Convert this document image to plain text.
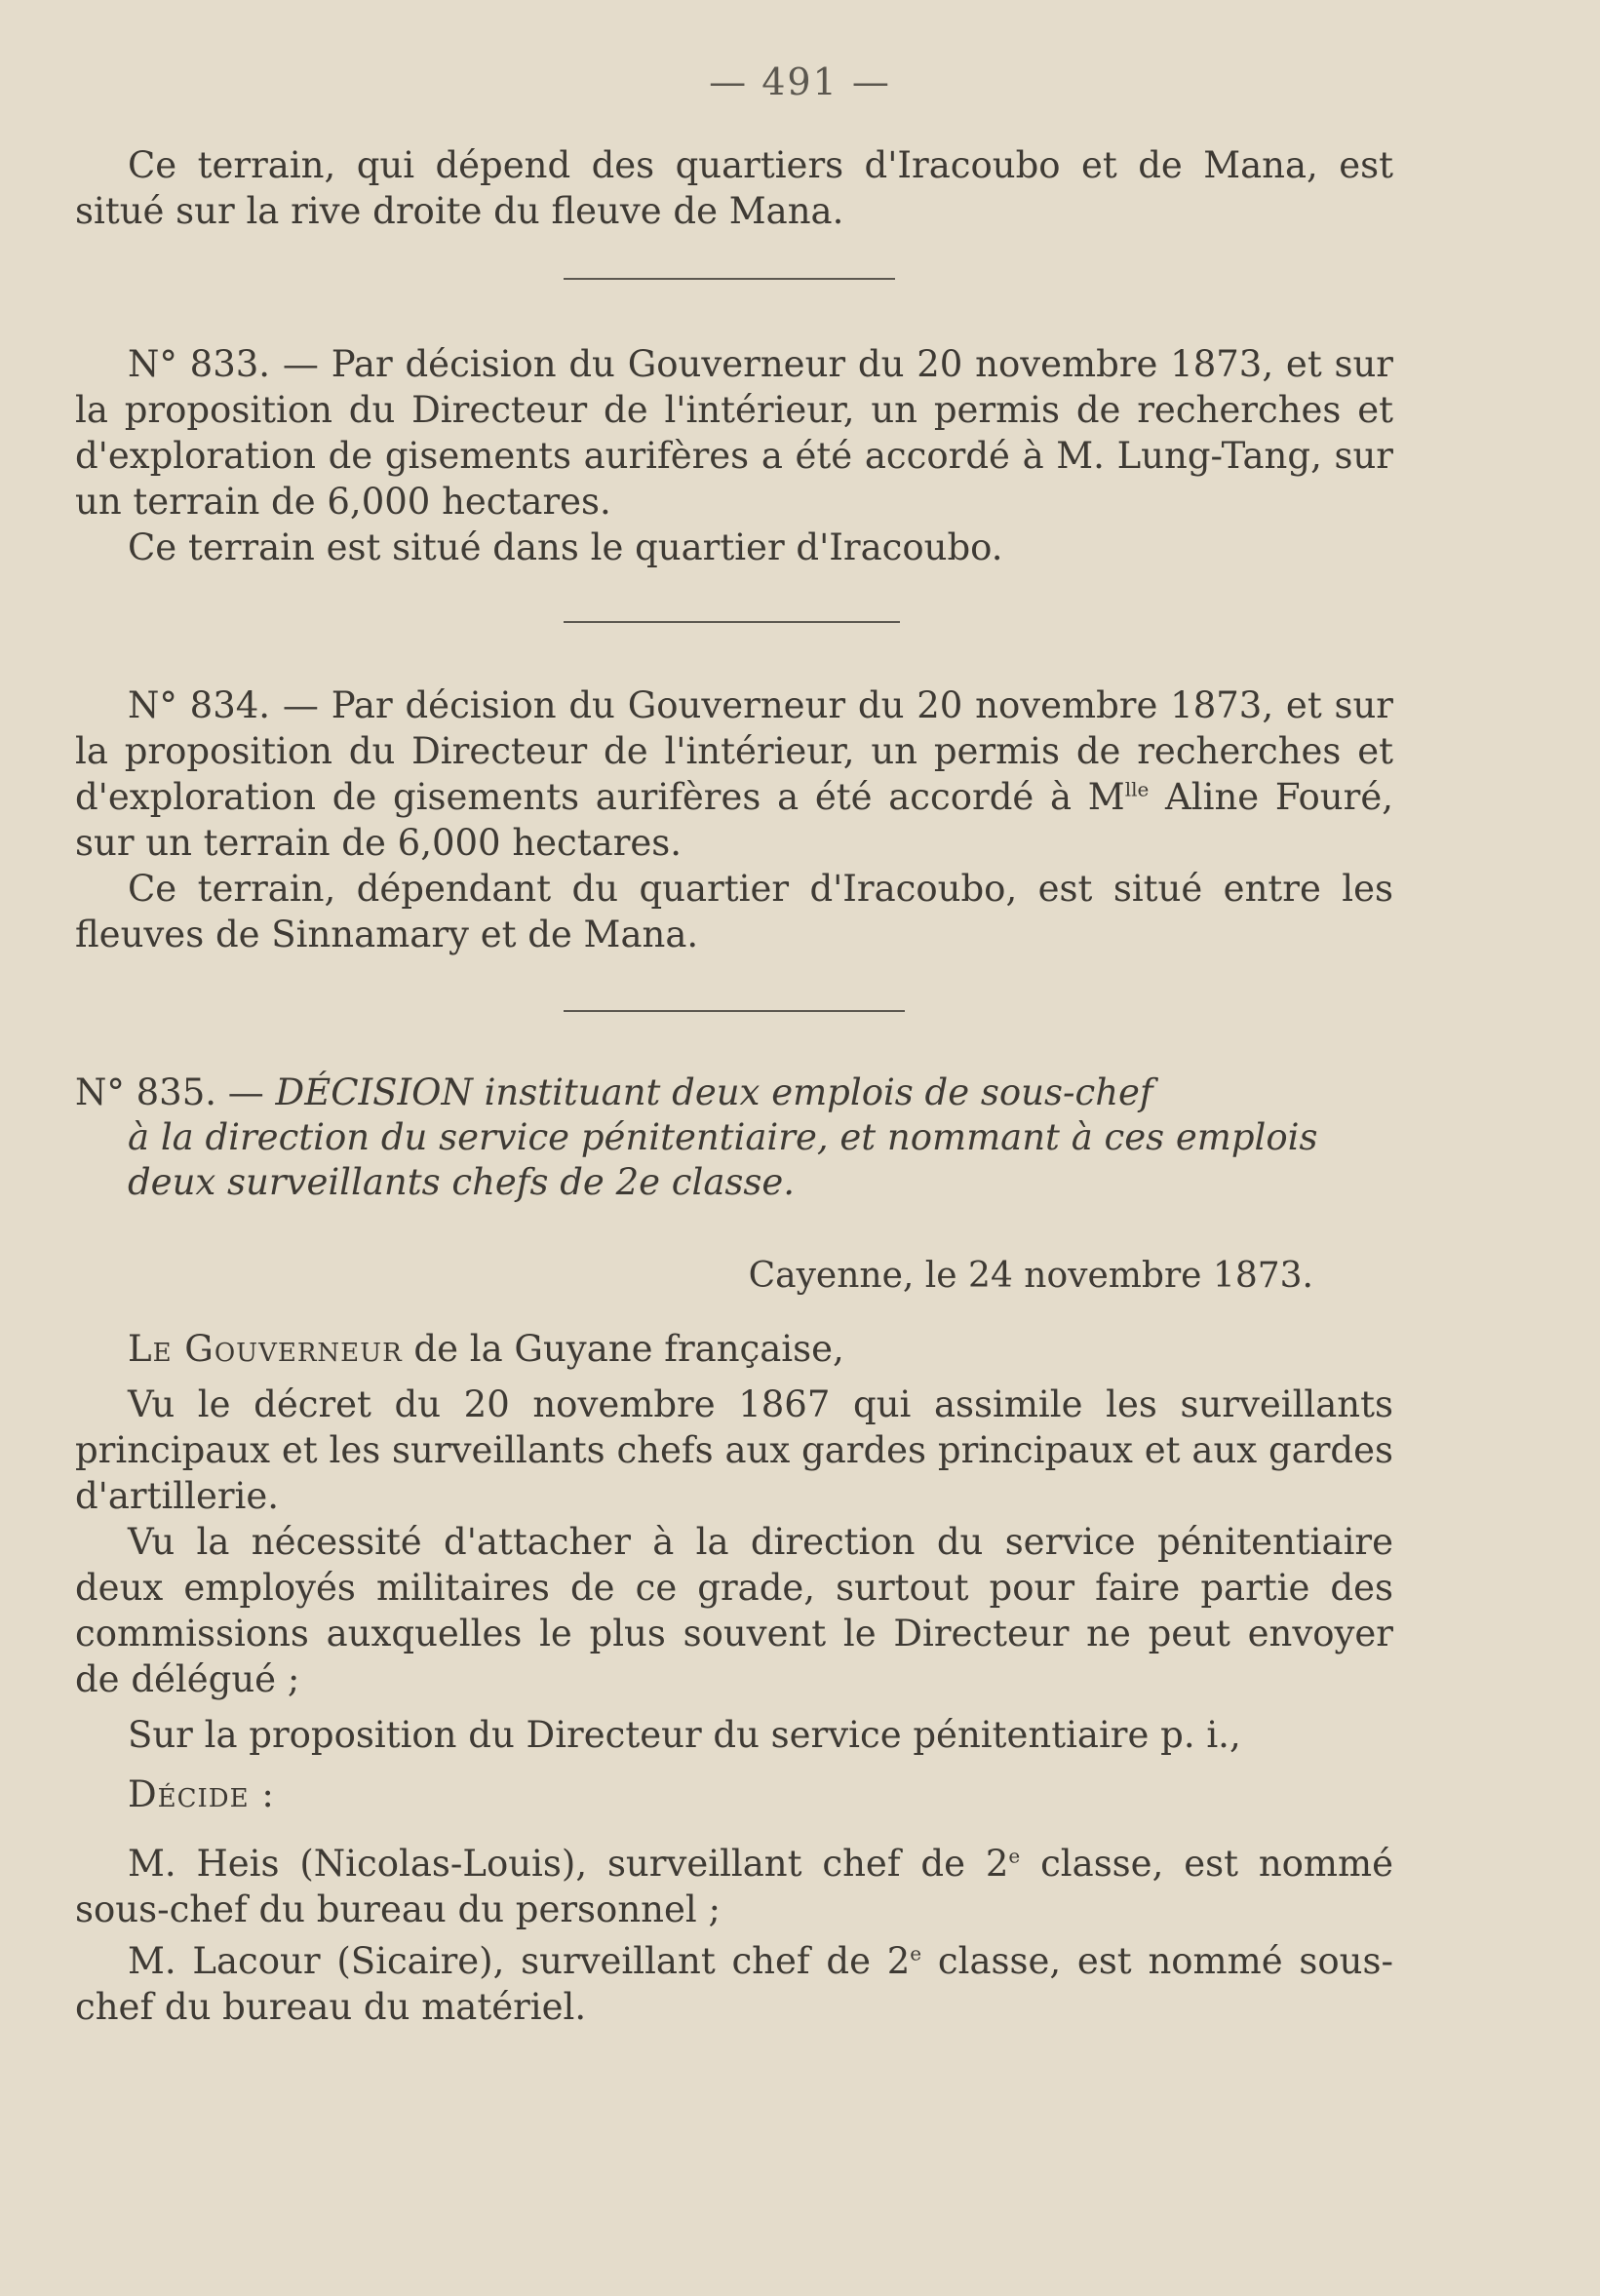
— 491 —

Ce terrain, qui dépend des quartiers d'Iracoubo et de Mana, est situé sur la rive droite du fleuve de Mana.

N° 833. — Par décision du Gouverneur du 20 novembre 1873, et sur la proposition du Directeur de l'intérieur, un permis de recherches et d'exploration de gisements aurifères a été accordé à M. Lung-Tang, sur un terrain de 6,000 hectares.

Ce terrain est situé dans le quartier d'Iracoubo.

N° 834. — Par décision du Gouverneur du 20 novembre 1873, et sur la proposition du Directeur de l'intérieur, un permis de recherches et d'exploration de gisements aurifères a été accordé à $M^{lle}$ Aline Fouré, sur un terrain de 6,000 hectares.

Ce terrain, dépendant du quartier d'Iracoubo, est situé entre les fleuves de Sinnamary et de Mana.

N° 835. — DÉCISION instituant deux emplois de sous-chef
à la direction du service pénitentiaire, et nommant à ces emplois deux surveillants chefs de 2e classe.
Cayenne, le 24 novembre 1873.

Le Gouverneur de la Guyane française,

Vu le décret du 20 novembre 1867 qui assimile les surveillants principaux et les surveillants chefs aux gardes principaux et aux gardes d'artillerie.

Vu la nécessité d'attacher à la direction du service pénitentiaire deux employés militaires de ce grade, surtout pour faire partie des commissions auxquelles le plus souvent le Directeur ne peut envoyer de délégué ;

Sur la proposition du Directeur du service pénitentiaire p. i.,

Décide :

M. Heis (Nicolas-Louis), surveillant chef de 2e classe, est nommé sous-chef du bureau du personnel ;

M. Lacour (Sicaire), surveillant chef de 2e classe, est nommé sous-chef du bureau du matériel.
